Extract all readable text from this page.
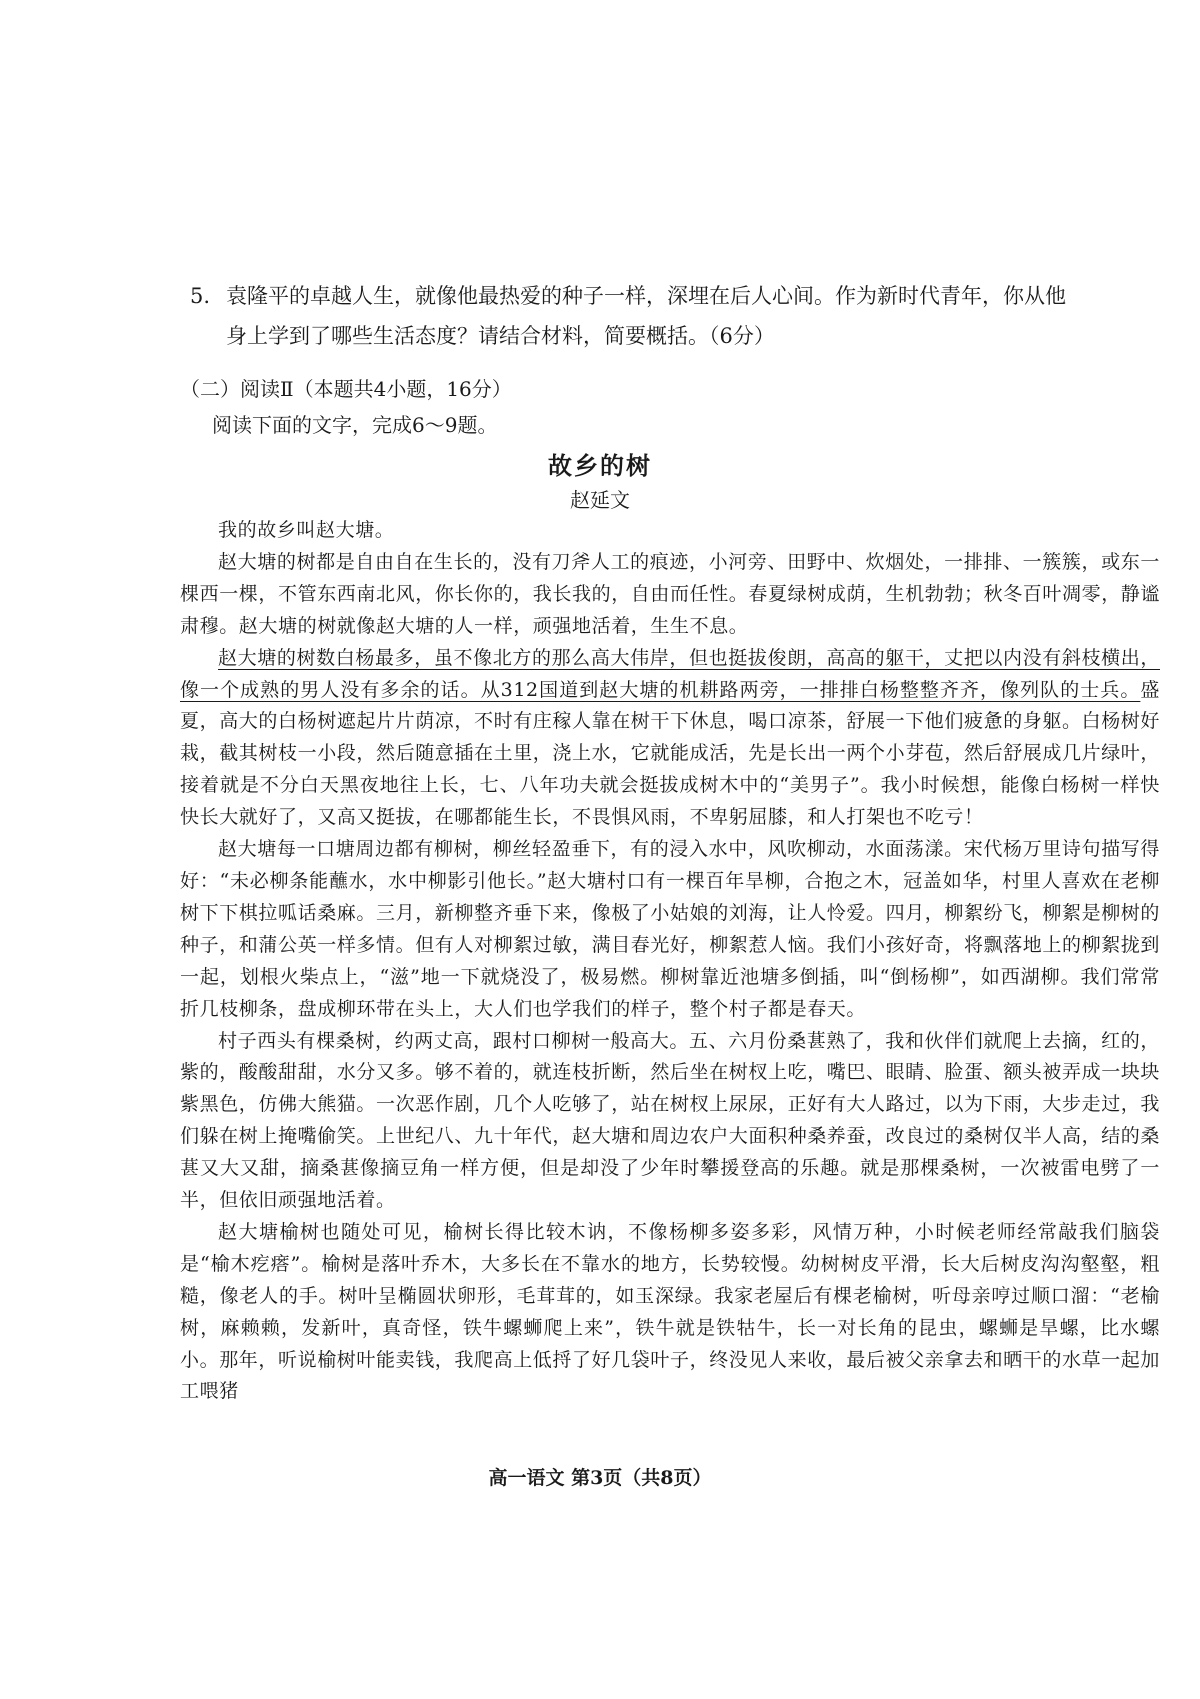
5. 袁隆平的卓越人生，就像他最热爱的种子一样，深埋在后人心间。作为新时代青年，你从他
身上学到了哪些生活态度？请结合材料，简要概括。（6分）
（二）阅读Ⅱ（本题共4小题，16分）
阅读下面的文字，完成6～9题。
故乡的树
赵延文

我的故乡叫赵大塘。

赵大塘的树都是自由自在生长的，没有刀斧人工的痕迹，小河旁、田野中、炊烟处，一排排、一簇簇，或东一棵西一棵，不管东西南北风，你长你的，我长我的，自由而任性。春夏绿树成荫，生机勃勃；秋冬百叶凋零，静谧肃穆。赵大塘的树就像赵大塘的人一样，顽强地活着，生生不息。

赵大塘的树数白杨最多，虽不像北方的那么高大伟岸，但也挺拔俊朗，高高的躯干，丈把以内没有斜枝横出，像一个成熟的男人没有多余的话。从312国道到赵大塘的机耕路两旁，一排排白杨整整齐齐，像列队的士兵。盛夏，高大的白杨树遮起片片荫凉，不时有庄稼人靠在树干下休息，喝口凉茶，舒展一下他们疲惫的身躯。白杨树好栽，截其树枝一小段，然后随意插在土里，浇上水，它就能成活，先是长出一两个小芽苞，然后舒展成几片绿叶，接着就是不分白天黑夜地往上长，七、八年功夫就会挺拔成树木中的“美男子”。我小时候想，能像白杨树一样快快长大就好了，又高又挺拔，在哪都能生长，不畏惧风雨，不卑躬屈膝，和人打架也不吃亏！

赵大塘每一口塘周边都有柳树，柳丝轻盈垂下，有的浸入水中，风吹柳动，水面荡漾。宋代杨万里诗句描写得好：“未必柳条能蘸水，水中柳影引他长。”赵大塘村口有一棵百年旱柳，合抱之木，冠盖如华，村里人喜欢在老柳树下下棋拉呱话桑麻。三月，新柳整齐垂下来，像极了小姑娘的刘海，让人怜爱。四月，柳絮纷飞，柳絮是柳树的种子，和蒲公英一样多情。但有人对柳絮过敏，满目春光好，柳絮惹人恼。我们小孩好奇，将飘落地上的柳絮拢到一起，划根火柴点上，“滋”地一下就烧没了，极易燃。柳树靠近池塘多倒插，叫“倒杨柳”，如西湖柳。我们常常折几枝柳条，盘成柳环带在头上，大人们也学我们的样子，整个村子都是春天。

村子西头有棵桑树，约两丈高，跟村口柳树一般高大。五、六月份桑葚熟了，我和伙伴们就爬上去摘，红的，紫的，酸酸甜甜，水分又多。够不着的，就连枝折断，然后坐在树杈上吃，嘴巴、眼睛、脸蛋、额头被弄成一块块紫黑色，仿佛大熊猫。一次恶作剧，几个人吃够了，站在树杈上尿尿，正好有大人路过，以为下雨，大步走过，我们躲在树上掩嘴偷笑。上世纪八、九十年代，赵大塘和周边农户大面积种桑养蚕，改良过的桑树仅半人高，结的桑葚又大又甜，摘桑葚像摘豆角一样方便，但是却没了少年时攀援登高的乐趣。就是那棵桑树，一次被雷电劈了一半，但依旧顽强地活着。

赵大塘榆树也随处可见，榆树长得比较木讷，不像杨柳多姿多彩，风情万种，小时候老师经常敲我们脑袋是“榆木疙瘩”。榆树是落叶乔木，大多长在不靠水的地方，长势较慢。幼树树皮平滑，长大后树皮沟沟壑壑，粗糙，像老人的手。树叶呈椭圆状卵形，毛茸茸的，如玉深绿。我家老屋后有棵老榆树，听母亲哼过顺口溜：“老榆树，麻赖赖，发新叶，真奇怪，铁牛螺蛳爬上来”，铁牛就是铁牯牛，长一对长角的昆虫，螺蛳是旱螺，比水螺小。那年，听说榆树叶能卖钱，我爬高上低捋了好几袋叶子，终没见人来收，最后被父亲拿去和晒干的水草一起加工喂猪

高一语文 第3页（共8页）
